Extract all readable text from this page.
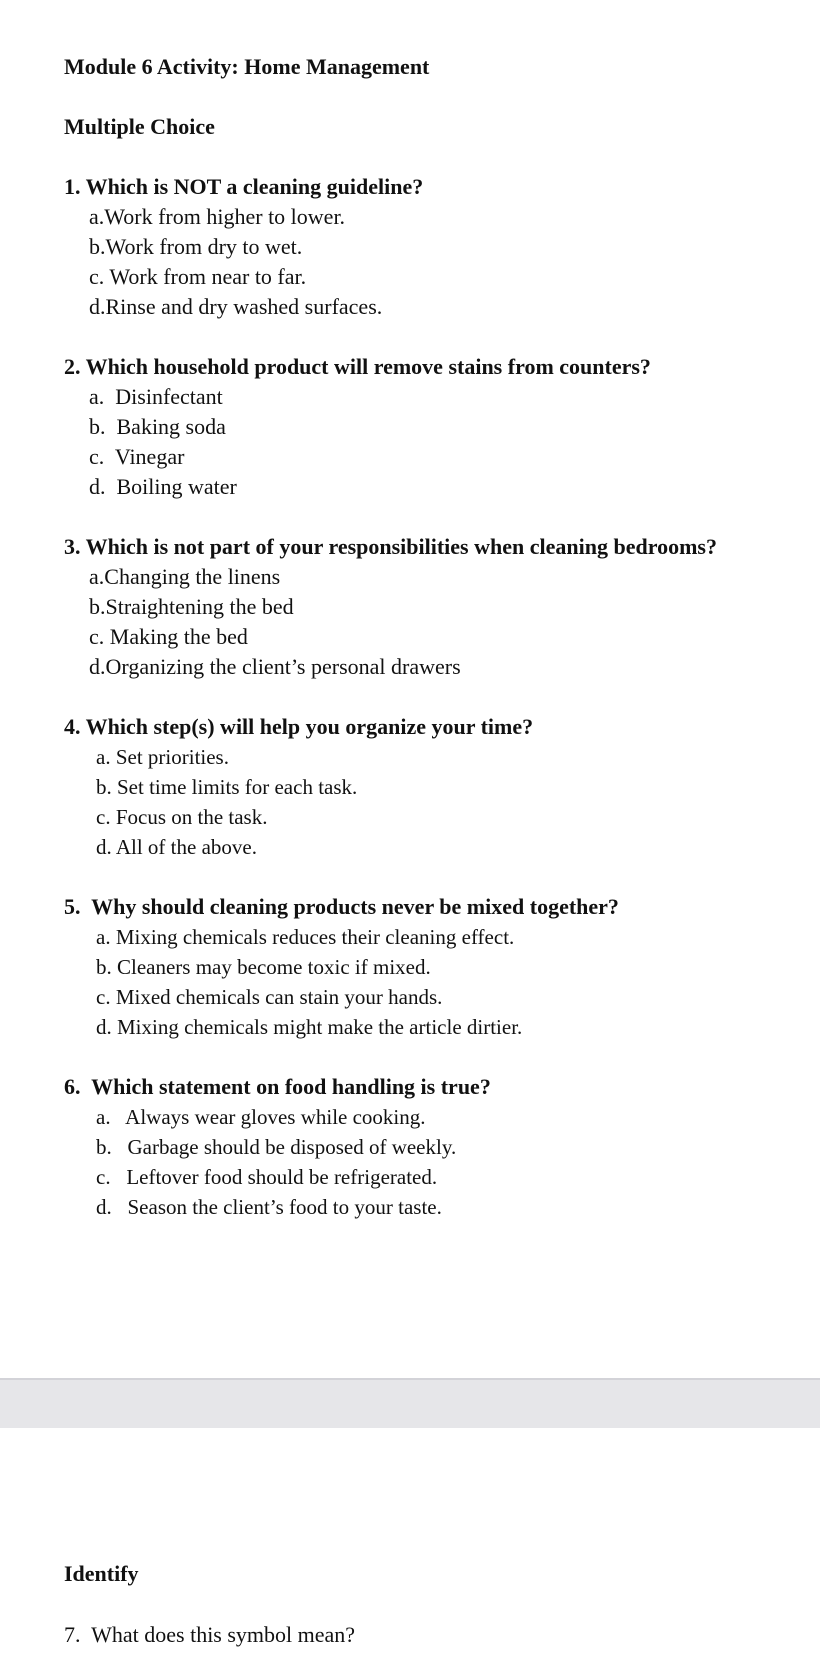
Module 6 Activity: Home Management
Multiple Choice
1. Which is NOT a cleaning guideline?
a.Work from higher to lower.
b.Work from dry to wet.
c. Work from near to far.
d.Rinse and dry washed surfaces.
2. Which household product will remove stains from counters?
a. Disinfectant
b. Baking soda
c. Vinegar
d. Boiling water
3. Which is not part of your responsibilities when cleaning bedrooms?
a.Changing the linens
b.Straightening the bed
c. Making the bed
d.Organizing the client’s personal drawers
4. Which step(s) will help you organize your time?
a. Set priorities.
b. Set time limits for each task.
c. Focus on the task.
d. All of the above.
5. Why should cleaning products never be mixed together?
a. Mixing chemicals reduces their cleaning effect.
b. Cleaners may become toxic if mixed.
c. Mixed chemicals can stain your hands.
d. Mixing chemicals might make the article dirtier.
6. Which statement on food handling is true?
a. Always wear gloves while cooking.
b. Garbage should be disposed of weekly.
c. Leftover food should be refrigerated.
d. Season the client’s food to your taste.
Identify
7. What does this symbol mean?
